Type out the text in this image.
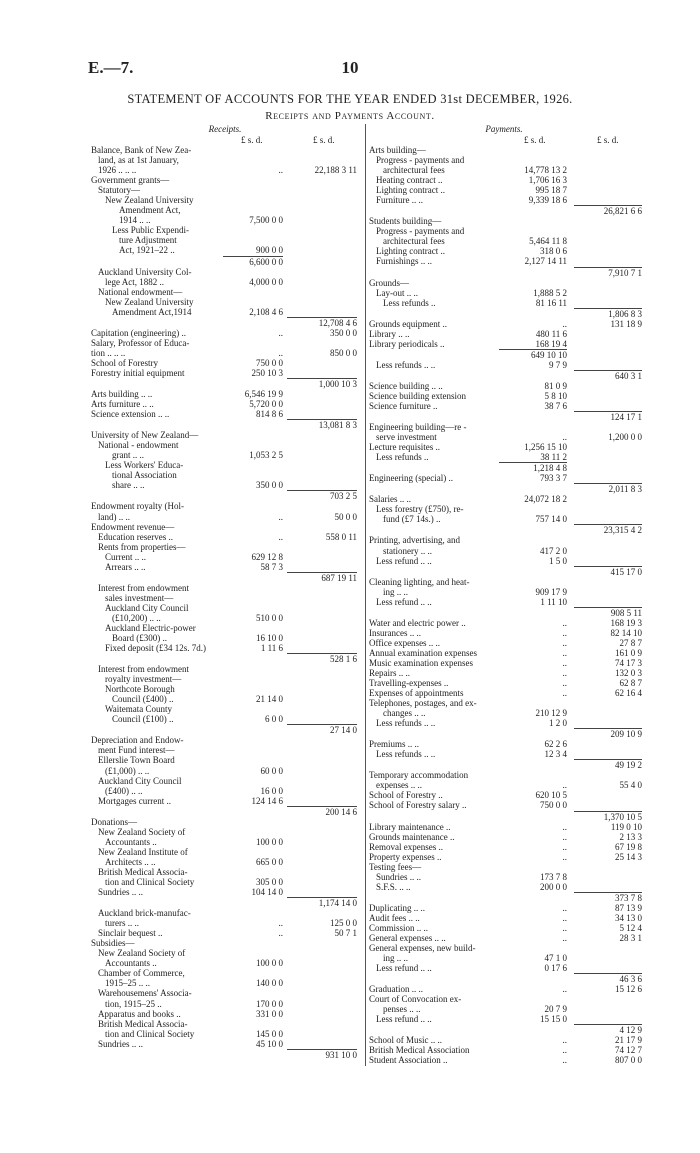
E.—7.	10
STATEMENT OF ACCOUNTS FOR THE YEAR ENDED 31st DECEMBER, 1926.
Receipts and Payments Account.
Receipts.
£ s. d.	£ s. d.
Balance, Bank of New Zea-
land, as at 1st January,
1926 .. .. ..	..	22,188 3 11
Government grants—
Statutory—
New Zealand University
Amendment Act,
1914 .. ..	7,500 0 0
Less Public Expendi-
ture Adjustment
Act, 1921–22 ..	900 0 0
6,600 0 0
Auckland University Col-
lege Act, 1882 ..	4,000 0 0
National endowment—
New Zealand University
Amendment Act,1914	2,108 4 6
12,708 4 6
Capitation (engineering) ..	..	350 0 0
Salary, Professor of Educa-
tion .. .. ..	..	850 0 0
School of Forestry	750 0 0
Forestry initial equipment	250 10 3
1,000 10 3
Arts building .. ..	6,546 19 9
Arts furniture .. ..	5,720 0 0
Science extension .. ..	814 8 6
13,081 8 3
University of New Zealand—
National - endowment
grant .. ..	1,053 2 5
Less Workers' Educa-
tional Association
share .. ..	350 0 0
703 2 5
Endowment royalty (Hol-
land) .. ..	..	50 0 0
Endowment revenue—
Education reserves ..	..	558 0 11
Rents from properties—
Current .. ..	629 12 8
Arrears .. ..	58 7 3
687 19 11
Interest from endowment
sales investment—
Auckland City Council
(£10,200) .. ..	510 0 0
Auckland Electric-power
Board (£300) ..	16 10 0
Fixed deposit (£34 12s. 7d.)	1 11 6
528 1 6
Interest from endowment
royalty investment—
Northcote Borough
Council (£400) ..	21 14 0
Waitemata County
Council (£100) ..	6 0 0
27 14 0
Depreciation and Endow-
ment Fund interest—
Ellerslie Town Board
(£1,000) .. ..	60 0 0
Auckland City Council
(£400) .. ..	16 0 0
Mortgages current ..	124 14 6
200 14 6
Donations—
New Zealand Society of
Accountants ..	100 0 0
New Zealand Institute of
Architects .. ..	665 0 0
British Medical Associa-
tion and Clinical Society	305 0 0
Sundries .. ..	104 14 0
1,174 14 0
Auckland brick-manufac-
turers .. ..	..	125 0 0
Sinclair bequest ..	..	50 7 1
Subsidies—
New Zealand Society of
Accountants ..	100 0 0
Chamber of Commerce,
1915–25 .. ..	140 0 0
Warehousemens' Associa-
tion, 1915–25 ..	170 0 0
Apparatus and books ..	331 0 0
British Medical Associa-
tion and Clinical Society	145 0 0
Sundries .. ..	45 10 0
931 10 0
Payments.
£ s. d.	£ s. d.
Arts building—
Progress - payments and
architectural fees	14,778 13 2
Heating contract ..	1,706 16 3
Lighting contract ..	995 18 7
Furniture .. ..	9,339 18 6
26,821 6 6
Students building—
Progress - payments and
architectural fees	5,464 11 8
Lighting contract ..	318 0 6
Furnishings .. ..	2,127 14 11
7,910 7 1
Grounds—
Lay-out .. ..	1,888 5 2
Less refunds ..	81 16 11
1,806 8 3
Grounds equipment ..	..	131 18 9
Library .. ..	480 11 6
Library periodicals ..	168 19 4
649 10 10
Less refunds .. ..	9 7 9
640 3 1
Science building .. ..	81 0 9
Science building extension	5 8 10
Science furniture ..	38 7 6
124 17 1
Engineering building—re -
serve investment	..	1,200 0 0
Lecture requisites ..	1,256 15 10
Less refunds ..	38 11 2
1,218 4 8
Engineering (special) ..	793 3 7
2,011 8 3
Salaries .. ..	24,072 18 2
Less forestry (£750), re-
fund (£7 14s.) ..	757 14 0
23,315 4 2
Printing, advertising, and
stationery .. ..	417 2 0
Less refund .. ..	1 5 0
415 17 0
Cleaning lighting, and heat-
ing .. ..	909 17 9
Less refund .. ..	1 11 10
908 5 11
Water and electric power ..	..	168 19 3
Insurances .. ..	..	82 14 10
Office expenses .. ..	..	27 8 7
Annual examination expenses	..	161 0 9
Music examination expenses	..	74 17 3
Repairs .. ..	..	132 0 3
Travelling-expenses ..	..	62 8 7
Expenses of appointments	..	62 16 4
Telephones, postages, and ex-
changes .. ..	210 12 9
Less refunds .. ..	1 2 0
209 10 9
Premiums .. ..	62 2 6
Less refunds .. ..	12 3 4
49 19 2
Temporary accommodation
expenses .. ..	..	55 4 0
School of Forestry ..	620 10 5
School of Forestry salary ..	750 0 0
1,370 10 5
Library maintenance ..	..	119 0 10
Grounds maintenance ..	..	2 13 3
Removal expenses ..	..	67 19 8
Property expenses ..	..	25 14 3
Testing fees—
Sundries .. ..	173 7 8
S.F.S. .. ..	200 0 0
373 7 8
Duplicating .. ..	..	87 13 9
Audit fees .. ..	..	34 13 0
Commission .. ..	..	5 12 4
General expenses .. ..	..	28 3 1
General expenses, new build-
ing .. ..	47 1 0
Less refund .. ..	0 17 6
46 3 6
Graduation .. ..	..	15 12 6
Court of Convocation ex-
penses .. ..	20 7 9
Less refund .. ..	15 15 0
4 12 9
School of Music .. ..	..	21 17 9
British Medical Association	..	74 12 7
Student Association ..	..	807 0 0
